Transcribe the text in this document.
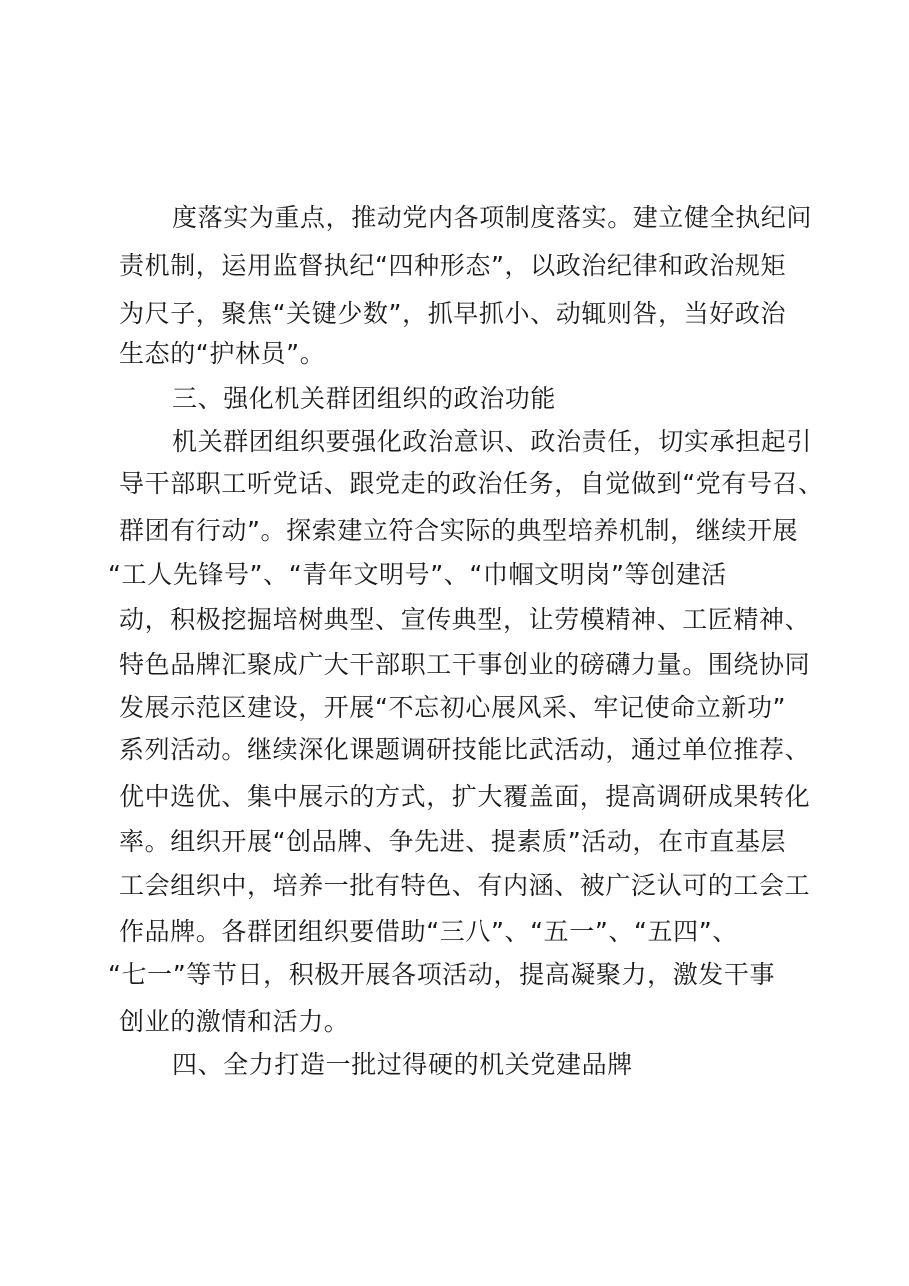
度落实为重点，推动党内各项制度落实。建立健全执纪问
责机制，运用监督执纪“四种形态”，以政治纪律和政治规矩
为尺子，聚焦“关键少数”，抓早抓小、动辄则咎，当好政治
生态的“护林员”。
三、强化机关群团组织的政治功能
机关群团组织要强化政治意识、政治责任，切实承担起引
导干部职工听党话、跟党走的政治任务，自觉做到“党有号召、
群团有行动”。探索建立符合实际的典型培养机制，继续开展
“工人先锋号”、“青年文明号”、“巾帼文明岗”等创建活
动，积极挖掘培树典型、宣传典型，让劳模精神、工匠精神、
特色品牌汇聚成广大干部职工干事创业的磅礴力量。围绕协同
发展示范区建设，开展“不忘初心展风采、牢记使命立新功”
系列活动。继续深化课题调研技能比武活动，通过单位推荐、
优中选优、集中展示的方式，扩大覆盖面，提高调研成果转化
率。组织开展“创品牌、争先进、提素质”活动，在市直基层
工会组织中，培养一批有特色、有内涵、被广泛认可的工会工
作品牌。各群团组织要借助“三八”、“五一”、“五四”、
“七一”等节日，积极开展各项活动，提高凝聚力，激发干事
创业的激情和活力。
四、全力打造一批过得硬的机关党建品牌
